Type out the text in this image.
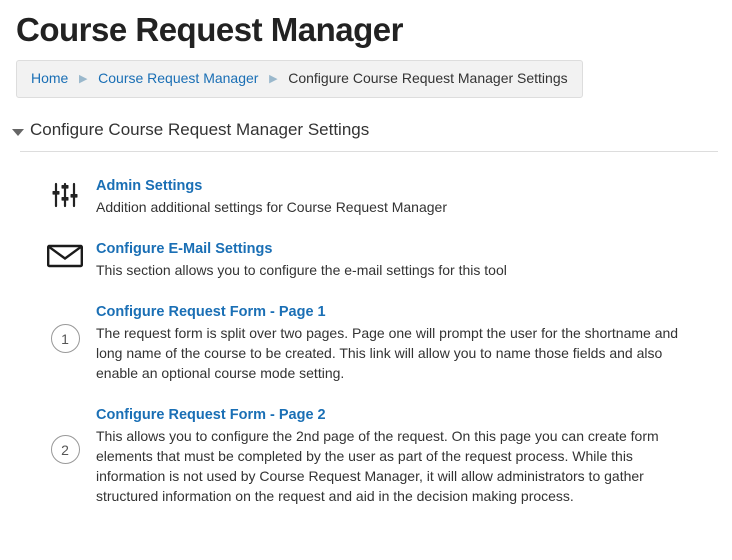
Course Request Manager
Home ▶ Course Request Manager ▶ Configure Course Request Manager Settings
Configure Course Request Manager Settings
Admin Settings
Addition additional settings for Course Request Manager
Configure E-Mail Settings
This section allows you to configure the e-mail settings for this tool
1
Configure Request Form - Page 1
The request form is split over two pages. Page one will prompt the user for the shortname and long name of the course to be created. This link will allow you to name those fields and also enable an optional course mode setting.
2
Configure Request Form - Page 2
This allows you to configure the 2nd page of the request. On this page you can create form elements that must be completed by the user as part of the request process. While this information is not used by Course Request Manager, it will allow administrators to gather structured information on the request and aid in the decision making process.
